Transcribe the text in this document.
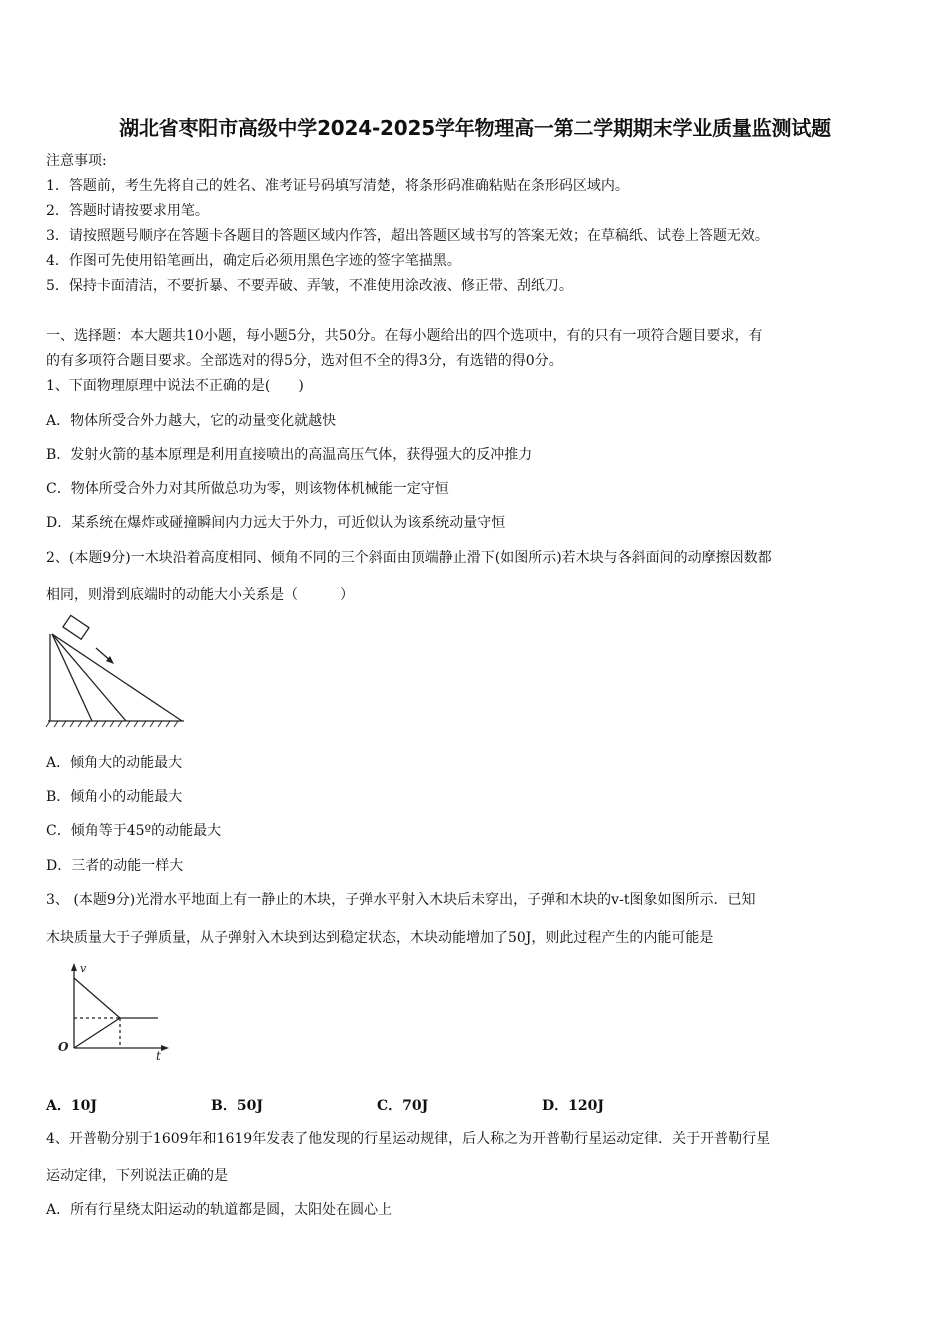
湖北省枣阳市高级中学2024-2025学年物理高一第二学期期末学业质量监测试题
注意事项:
1．答题前，考生先将自己的姓名、准考证号码填写清楚，将条形码准确粘贴在条形码区域内。
2．答题时请按要求用笔。
3．请按照题号顺序在答题卡各题目的答题区域内作答，超出答题区域书写的答案无效；在草稿纸、试卷上答题无效。
4．作图可先使用铅笔画出，确定后必须用黑色字迹的签字笔描黑。
5．保持卡面清洁，不要折暴、不要弄破、弄皱，不准使用涂改液、修正带、刮纸刀。
一、选择题：本大题共10小题，每小题5分，共50分。在每小题给出的四个选项中，有的只有一项符合题目要求，有
的有多项符合题目要求。全部选对的得5分，选对但不全的得3分，有选错的得0分。
1、下面物理原理中说法不正确的是(　　)
A．物体所受合外力越大，它的动量变化就越快
B．发射火箭的基本原理是利用直接喷出的高温高压气体，获得强大的反冲推力
C．物体所受合外力对其所做总功为零，则该物体机械能一定守恒
D．某系统在爆炸或碰撞瞬间内力远大于外力，可近似认为该系统动量守恒
2、(本题9分)一木块沿着高度相同、倾角不同的三个斜面由顶端静止滑下(如图所示)若木块与各斜面间的动摩擦因数都
相同，则滑到底端时的动能大小关系是（　　　）
A．倾角大的动能最大
B．倾角小的动能最大
C．倾角等于45º的动能最大
D．三者的动能一样大
3、 (本题9分)光滑水平地面上有一静止的木块，子弹水平射入木块后未穿出，子弹和木块的v-t图象如图所示．已知
木块质量大于子弹质量，从子弹射入木块到达到稳定状态，木块动能增加了50J，则此过程产生的内能可能是
v
t
O
A．10J	B．50J	C．70J	D．120J
4、开普勒分别于1609年和1619年发表了他发现的行星运动规律，后人称之为开普勒行星运动定律．关于开普勒行星
运动定律，下列说法正确的是
A．所有行星绕太阳运动的轨道都是圆，太阳处在圆心上
